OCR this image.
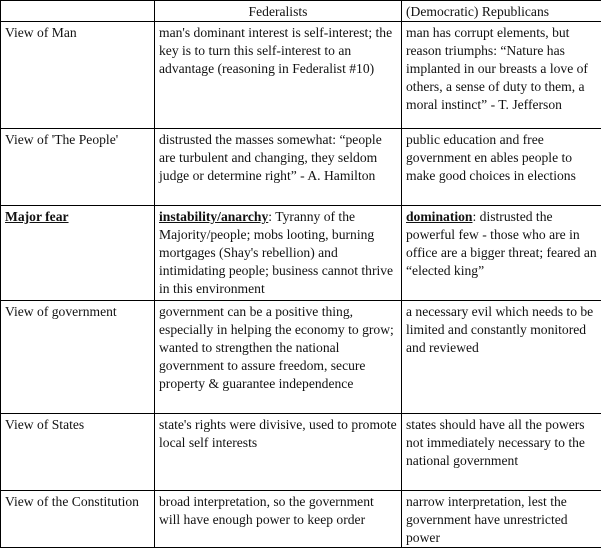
	Federalists	(Democratic) Republicans
View of Man	man's dominant interest is self-interest; the key is to turn this self-interest to an advantage (reasoning in Federalist #10)	man has corrupt elements, but reason triumphs: “Nature has implanted in our breasts a love of others, a sense of duty to them, a moral instinct” - T. Jefferson
View of 'The People'	distrusted the masses somewhat: “people are turbulent and changing, they seldom judge or determine right” - A. Hamilton	public education and free government en ables people to make good choices in elections
Major fear	instability/anarchy: Tyranny of the Majority/people; mobs looting, burning mortgages (Shay's rebellion) and intimidating people; business cannot thrive in this environment	domination: distrusted the powerful few - those who are in office are a bigger threat; feared an “elected king”
View of government	government can be a positive thing, especially in helping the economy to grow; wanted to strengthen the national government to assure freedom, secure property & guarantee independence	a necessary evil which needs to be limited and constantly monitored and reviewed
View of States	state's rights were divisive, used to promote local self interests	states should have all the powers not immediately necessary to the national government
View of the Constitution	broad interpretation, so the government will have enough power to keep order	narrow interpretation, lest the government have unrestricted power
